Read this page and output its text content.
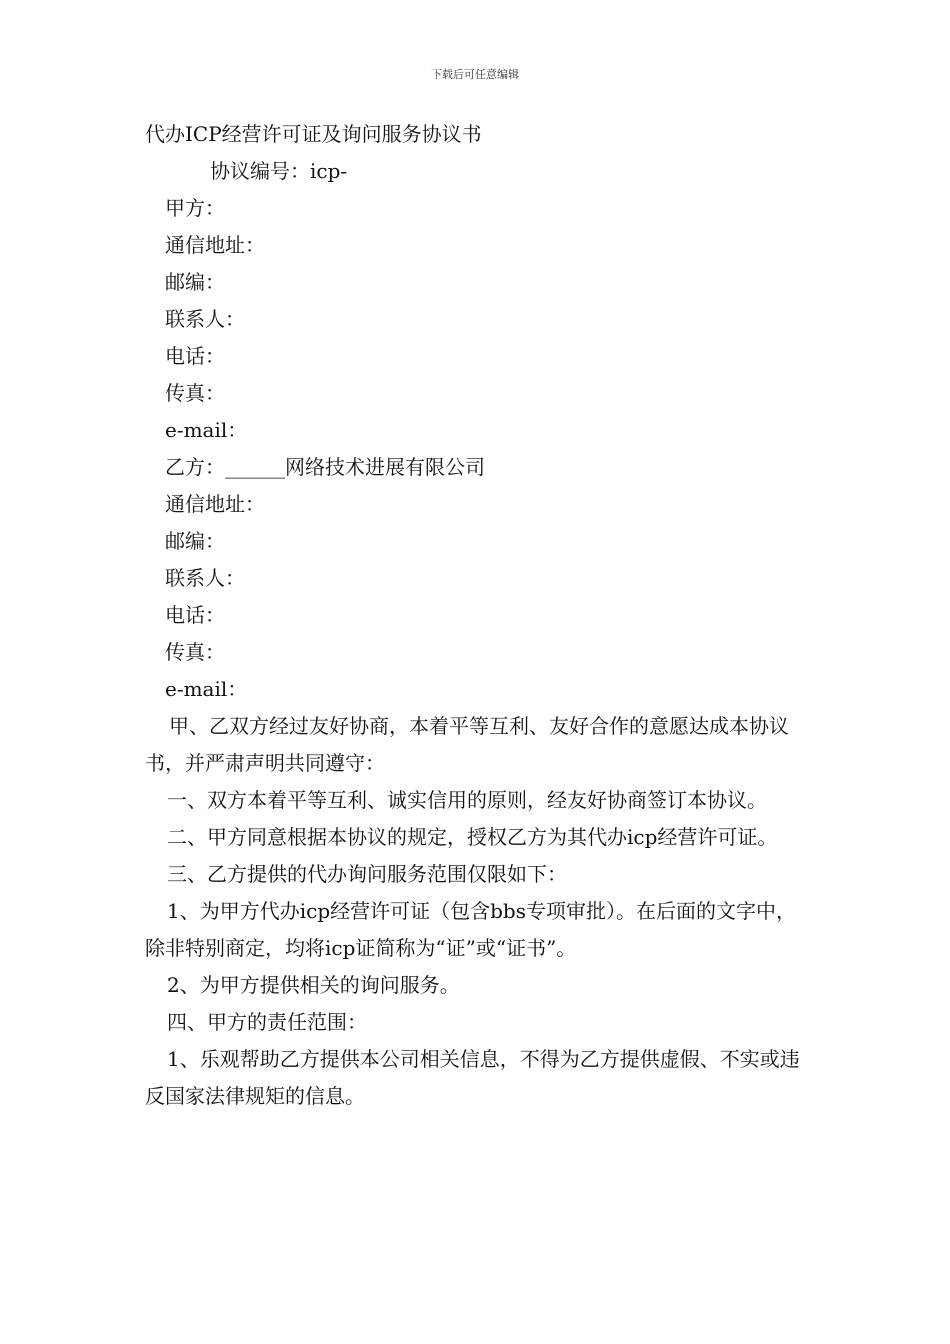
下载后可任意编辑

代办ICP经营许可证及询问服务协议书

协议编号：icp-

甲方：

通信地址：

邮编：

联系人：

电话：

传真：

e-mail：

乙方：______网络技术进展有限公司

通信地址：

邮编：

联系人：

电话：

传真：

e-mail：

甲、乙双方经过友好协商，本着平等互利、友好合作的意愿达成本协议书，并严肃声明共同遵守：

一、双方本着平等互利、诚实信用的原则，经友好协商签订本协议。

二、甲方同意根据本协议的规定，授权乙方为其代办icp经营许可证。

三、乙方提供的代办询问服务范围仅限如下：

1、为甲方代办icp经营许可证（包含bbs专项审批）。在后面的文字中，除非特别商定，均将icp证简称为“证”或“证书”。

2、为甲方提供相关的询问服务。

四、甲方的责任范围：

1、乐观帮助乙方提供本公司相关信息，不得为乙方提供虚假、不实或违反国家法律规矩的信息。
